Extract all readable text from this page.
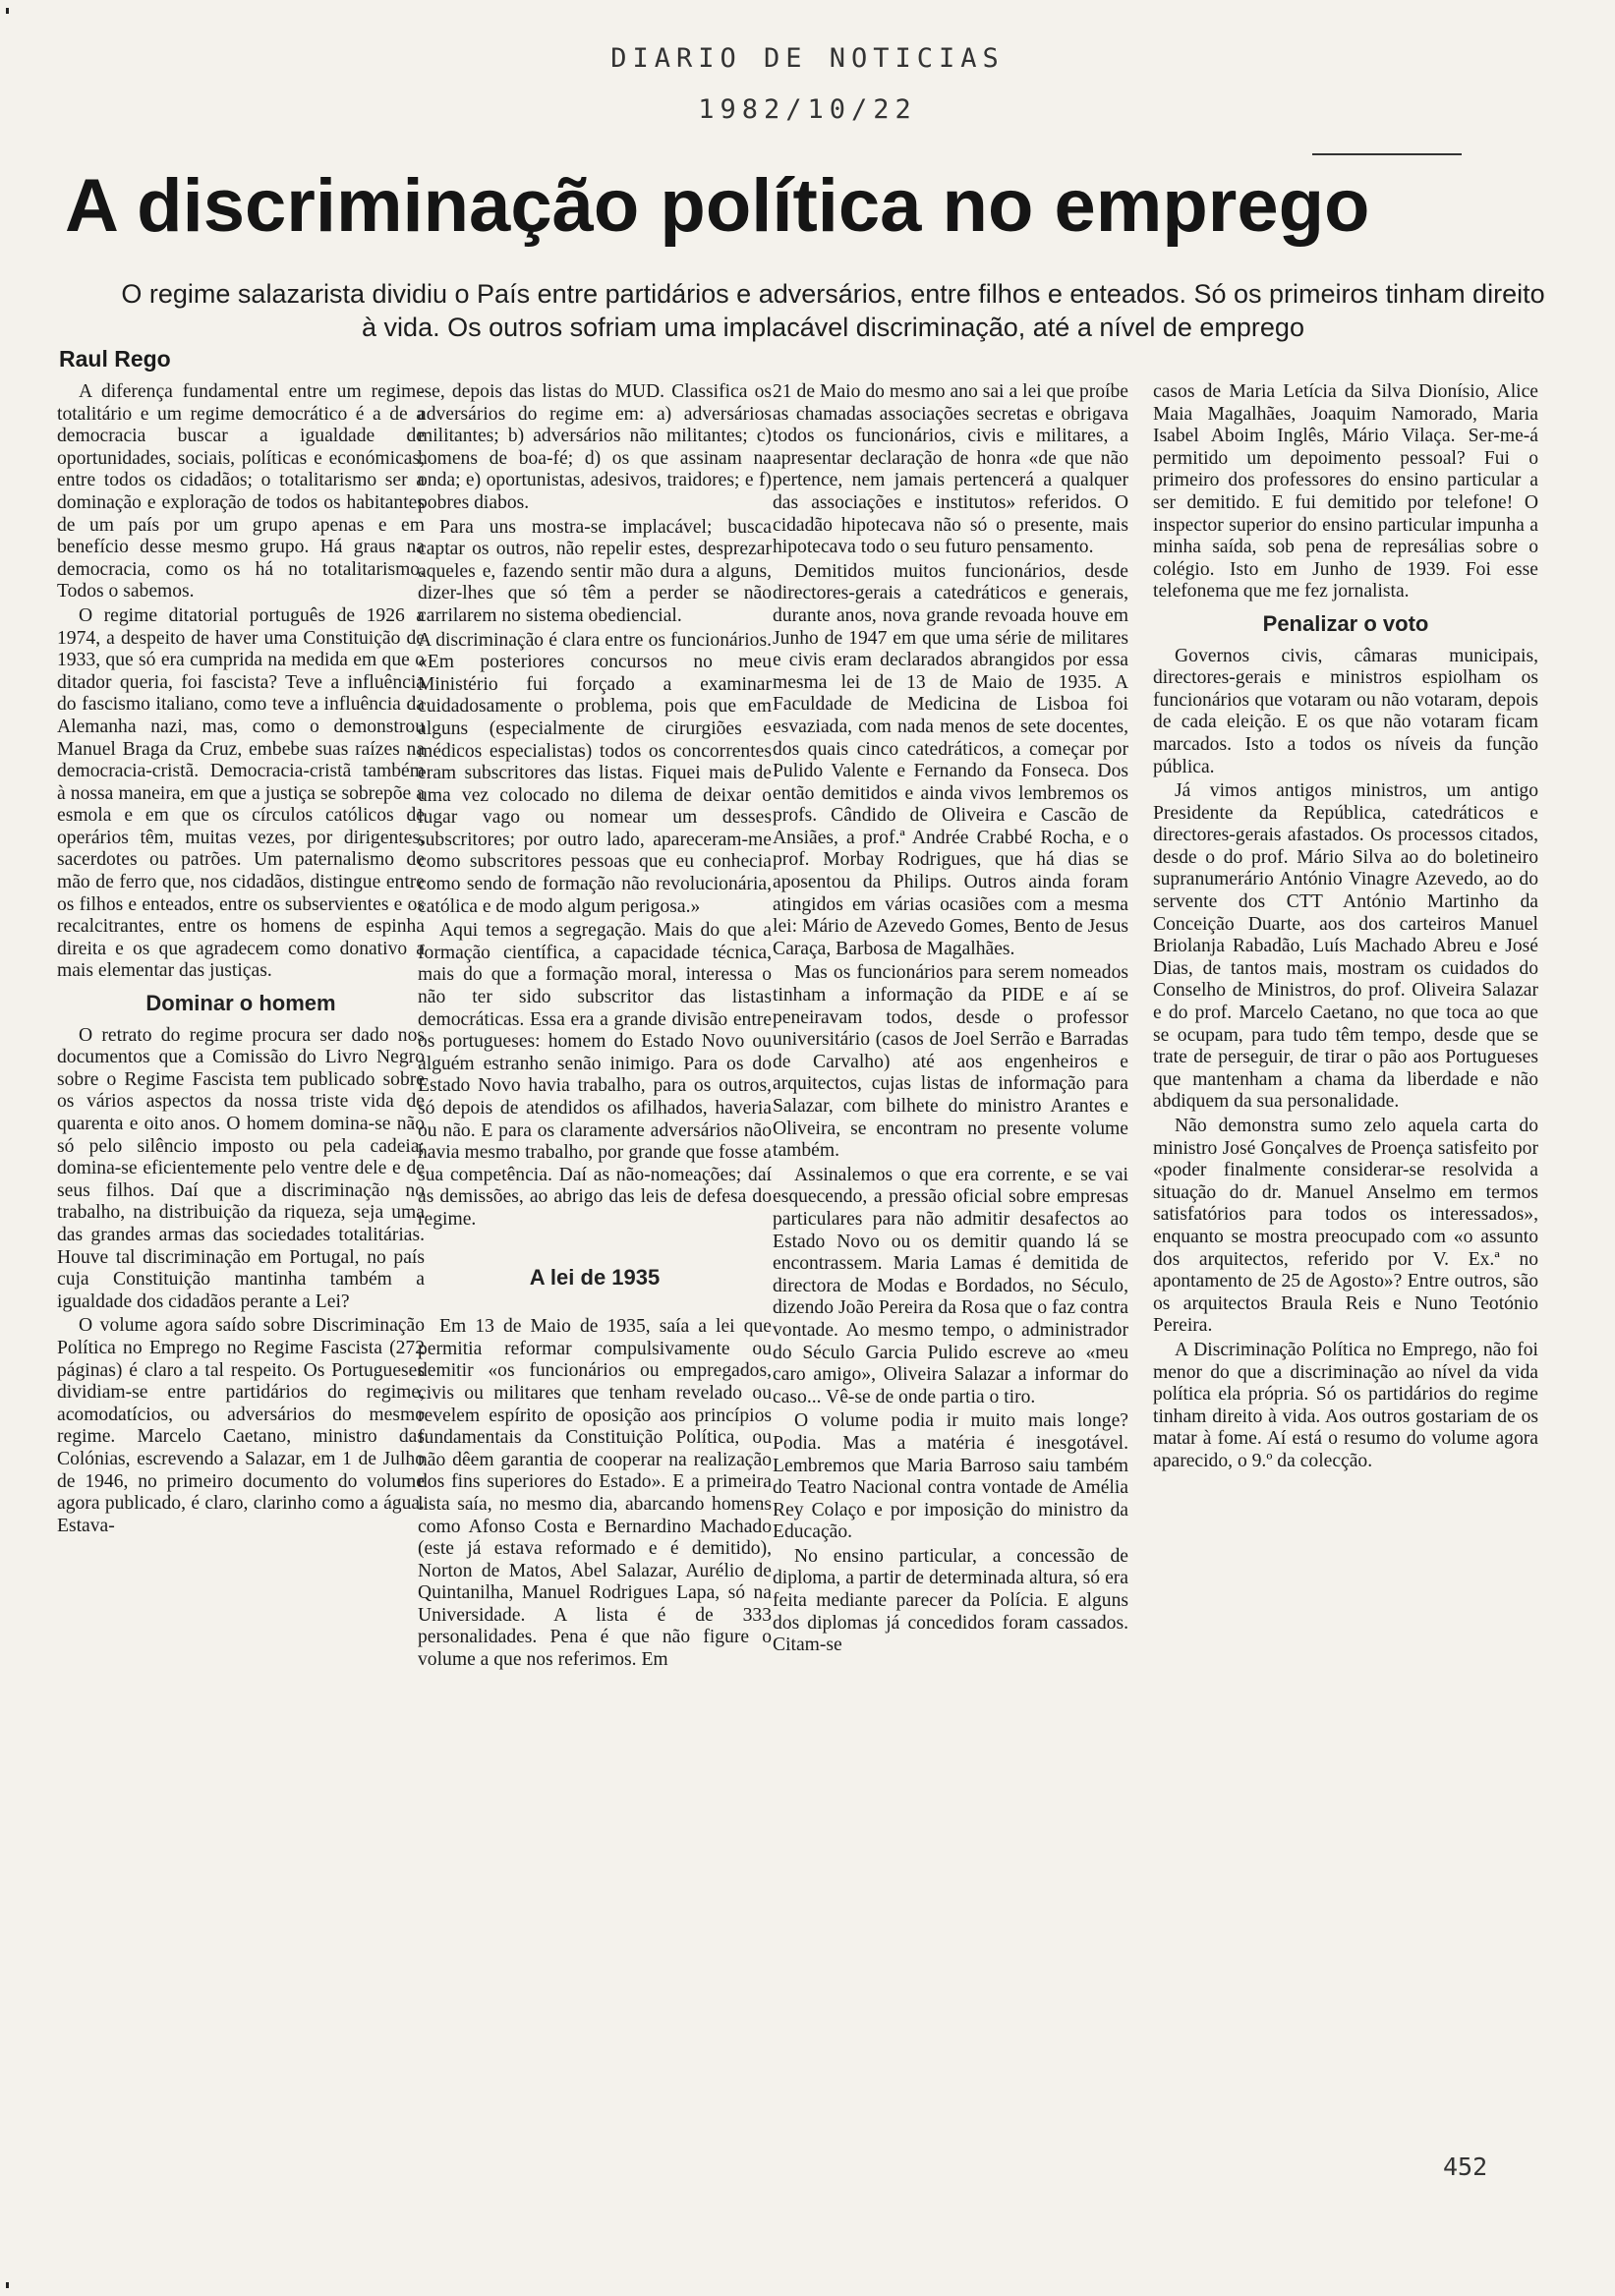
DIARIO DE NOTICIAS
1982/10/22
A discriminação política no emprego

O regime salazarista dividiu o País entre partidários e adversários, entre filhos e enteados. Só os primeiros tinham direito

à vida. Os outros sofriam uma implacável discriminação, até a nível de emprego

Raul Rego

A diferença fundamental entre um regime totalitário e um regime democrático é a de a democracia buscar a igualdade de oportunidades, sociais, políticas e económicas, entre todos os cidadãos; o totalitarismo ser a dominação e exploração de todos os habitantes de um país por um grupo apenas e em benefício desse mesmo grupo. Há graus na democracia, como os há no totalitarismo. Todos o sabemos.

O regime ditatorial português de 1926 a 1974, a despeito de haver uma Constituição de 1933, que só era cumprida na medida em que o ditador queria, foi fascista? Teve a influência do fascismo italiano, como teve a influência da Alemanha nazi, mas, como o demonstrou Manuel Braga da Cruz, embebe suas raízes na democracia-cristã. Democracia-cristã também à nossa maneira, em que a justiça se sobrepõe a esmola e em que os círculos católicos de operários têm, muitas vezes, por dirigentes, sacerdotes ou patrões. Um paternalismo de mão de ferro que, nos cidadãos, distingue entre os filhos e enteados, entre os subservientes e os recalcitrantes, entre os homens de espinha direita e os que agradecem como donativo a mais elementar das justiças.

Dominar o homem

O retrato do regime procura ser dado nos documentos que a Comissão do Livro Negro sobre o Regime Fascista tem publicado sobre os vários aspectos da nossa triste vida de quarenta e oito anos. O homem domina-se não só pelo silêncio imposto ou pela cadeia; domina-se eficientemente pelo ventre dele e de seus filhos. Daí que a discriminação no trabalho, na distribuição da riqueza, seja uma das grandes armas das sociedades totalitárias. Houve tal discriminação em Portugal, no país cuja Constituição mantinha também a igualdade dos cidadãos perante a Lei?

O volume agora saído sobre Discriminação Política no Emprego no Regime Fascista (272 páginas) é claro a tal respeito. Os Portugueses dividiam-se entre partidários do regime, acomodatícios, ou adversários do mesmo regime. Marcelo Caetano, ministro das Colónias, escrevendo a Salazar, em 1 de Julho de 1946, no primeiro documento do volume agora publicado, é claro, clarinho como a água. Estava-

-se, depois das listas do MUD. Classifica os adversários do regime em: a) adversários militantes; b) adversários não militantes; c) homens de boa-fé; d) os que assinam na onda; e) oportunistas, adesivos, traidores; e f) pobres diabos.

Para uns mostra-se implacável; busca captar os outros, não repelir estes, desprezar aqueles e, fazendo sentir mão dura a alguns, dizer-lhes que só têm a perder se não carrilarem no sistema obediencial.

A discriminação é clara entre os funcionários. «Em posteriores concursos no meu Ministério fui forçado a examinar cuidadosamente o problema, pois que em alguns (especialmente de cirurgiões e médicos especialistas) todos os concorrentes eram subscritores das listas. Fiquei mais de uma vez colocado no dilema de deixar o lugar vago ou nomear um desses subscritores; por outro lado, apareceram-me como subscritores pessoas que eu conhecia como sendo de formação não revolucionária, católica e de modo algum perigosa.»

Aqui temos a segregação. Mais do que a formação científica, a capacidade técnica, mais do que a formação moral, interessa o não ter sido subscritor das listas democráticas. Essa era a grande divisão entre os portugueses: homem do Estado Novo ou alguém estranho senão inimigo. Para os do Estado Novo havia trabalho, para os outros, só depois de atendidos os afilhados, haveria ou não. E para os claramente adversários não havia mesmo trabalho, por grande que fosse a sua competência. Daí as não-nomeações; daí as demissões, ao abrigo das leis de defesa do regime.

A lei de 1935

Em 13 de Maio de 1935, saía a lei que permitia reformar compulsivamente ou demitir «os funcionários ou empregados, civis ou militares que tenham revelado ou revelem espírito de oposição aos princípios fundamentais da Constituição Política, ou não dêem garantia de cooperar na realização dos fins superiores do Estado». E a primeira lista saía, no mesmo dia, abarcando homens como Afonso Costa e Bernardino Machado (este já estava reformado e é demitido), Norton de Matos, Abel Salazar, Aurélio de Quintanilha, Manuel Rodrigues Lapa, só na Universidade. A lista é de 333 personalidades. Pena é que não figure o volume a que nos referimos. Em

21 de Maio do mesmo ano sai a lei que proíbe as chamadas associações secretas e obrigava todos os funcionários, civis e militares, a apresentar declaração de honra «de que não pertence, nem jamais pertencerá a qualquer das associações e institutos» referidos. O cidadão hipotecava não só o presente, mais hipotecava todo o seu futuro pensamento.

Demitidos muitos funcionários, desde directores-gerais a catedráticos e generais, durante anos, nova grande revoada houve em Junho de 1947 em que uma série de militares e civis eram declarados abrangidos por essa mesma lei de 13 de Maio de 1935. A Faculdade de Medicina de Lisboa foi esvaziada, com nada menos de sete docentes, dos quais cinco catedráticos, a começar por Pulido Valente e Fernando da Fonseca. Dos então demitidos e ainda vivos lembremos os profs. Cândido de Oliveira e Cascão de Ansiães, a prof.ª Andrée Crabbé Rocha, e o prof. Morbay Rodrigues, que há dias se aposentou da Philips. Outros ainda foram atingidos em várias ocasiões com a mesma lei: Mário de Azevedo Gomes, Bento de Jesus Caraça, Barbosa de Magalhães.

Mas os funcionários para serem nomeados tinham a informação da PIDE e aí se peneiravam todos, desde o professor universitário (casos de Joel Serrão e Barradas de Carvalho) até aos engenheiros e arquitectos, cujas listas de informação para Salazar, com bilhete do ministro Arantes e Oliveira, se encontram no presente volume também.

Assinalemos o que era corrente, e se vai esquecendo, a pressão oficial sobre empresas particulares para não admitir desafectos ao Estado Novo ou os demitir quando lá se encontrassem. Maria Lamas é demitida de directora de Modas e Bordados, no Século, dizendo João Pereira da Rosa que o faz contra vontade. Ao mesmo tempo, o administrador do Século Garcia Pulido escreve ao «meu caro amigo», Oliveira Salazar a informar do caso... Vê-se de onde partia o tiro.

O volume podia ir muito mais longe? Podia. Mas a matéria é inesgotável. Lembremos que Maria Barroso saiu também do Teatro Nacional contra vontade de Amélia Rey Colaço e por imposição do ministro da Educação.

No ensino particular, a concessão de diploma, a partir de determinada altura, só era feita mediante parecer da Polícia. E alguns dos diplomas já concedidos foram cassados. Citam-se

casos de Maria Letícia da Silva Dionísio, Alice Maia Magalhães, Joaquim Namorado, Maria Isabel Aboim Inglês, Mário Vilaça. Ser-me-á permitido um depoimento pessoal? Fui o primeiro dos professores do ensino particular a ser demitido. E fui demitido por telefone! O inspector superior do ensino particular impunha a minha saída, sob pena de represálias sobre o colégio. Isto em Junho de 1939. Foi esse telefonema que me fez jornalista.

Penalizar o voto

Governos civis, câmaras municipais, directores-gerais e ministros espiolham os funcionários que votaram ou não votaram, depois de cada eleição. E os que não votaram ficam marcados. Isto a todos os níveis da função pública.

Já vimos antigos ministros, um antigo Presidente da República, catedráticos e directores-gerais afastados. Os processos citados, desde o do prof. Mário Silva ao do boletineiro supranumerário António Vinagre Azevedo, ao do servente dos CTT António Martinho da Conceição Duarte, aos dos carteiros Manuel Briolanja Rabadão, Luís Machado Abreu e José Dias, de tantos mais, mostram os cuidados do Conselho de Ministros, do prof. Oliveira Salazar e do prof. Marcelo Caetano, no que toca ao que se ocupam, para tudo têm tempo, desde que se trate de perseguir, de tirar o pão aos Portugueses que mantenham a chama da liberdade e não abdiquem da sua personalidade.

Não demonstra sumo zelo aquela carta do ministro José Gonçalves de Proença satisfeito por «poder finalmente considerar-se resolvida a situação do dr. Manuel Anselmo em termos satisfatórios para todos os interessados», enquanto se mostra preocupado com «o assunto dos arquitectos, referido por V. Ex.ª no apontamento de 25 de Agosto»? Entre outros, são os arquitectos Braula Reis e Nuno Teotónio Pereira.

A Discriminação Política no Emprego, não foi menor do que a discriminação ao nível da vida política ela própria. Só os partidários do regime tinham direito à vida. Aos outros gostariam de os matar à fome. Aí está o resumo do volume agora aparecido, o 9.º da colecção.

452
